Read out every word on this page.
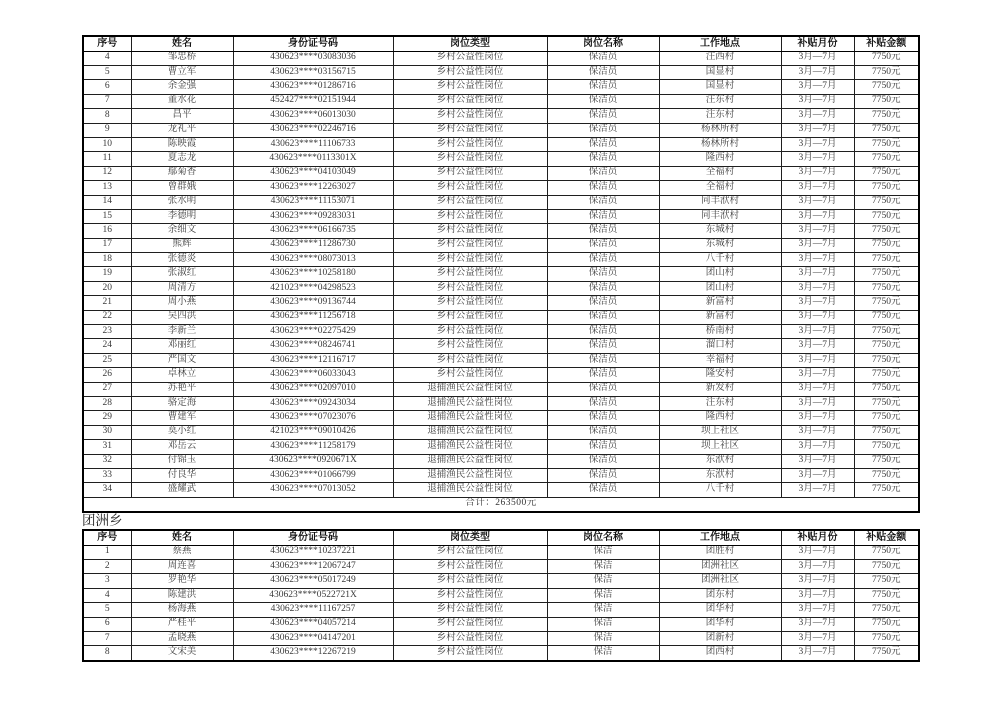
序号	姓名	身份证号码	岗位类型	岗位名称	工作地点	补贴月份	补贴金额
4	邹忠桥	430623****03083036	乡村公益性岗位	保洁员	注西村	3月—7月	7750元
5	曹立军	430623****03156715	乡村公益性岗位	保洁员	国显村	3月—7月	7750元
6	余金强	430623****01286716	乡村公益性岗位	保洁员	国显村	3月—7月	7750元
7	董水花	452427****02151944	乡村公益性岗位	保洁员	注东村	3月—7月	7750元
8	昌平	430623****06013030	乡村公益性岗位	保洁员	注东村	3月—7月	7750元
9	龙礼平	430623****02246716	乡村公益性岗位	保洁员	杨林所村	3月—7月	7750元
10	陈映霞	430623****11106733	乡村公益性岗位	保洁员	杨林所村	3月—7月	7750元
11	夏志龙	430623****0113301X	乡村公益性岗位	保洁员	隆西村	3月—7月	7750元
12	鄢菊香	430623****04103049	乡村公益性岗位	保洁员	全福村	3月—7月	7750元
13	曾群娥	430623****12263027	乡村公益性岗位	保洁员	全福村	3月—7月	7750元
14	张水明	430623****11153071	乡村公益性岗位	保洁员	同丰洑村	3月—7月	7750元
15	李德明	430623****09283031	乡村公益性岗位	保洁员	同丰洑村	3月—7月	7750元
16	余细文	430623****06166735	乡村公益性岗位	保洁员	东城村	3月—7月	7750元
17	熊辉	430623****11286730	乡村公益性岗位	保洁员	东城村	3月—7月	7750元
18	张德炎	430623****08073013	乡村公益性岗位	保洁员	八千村	3月—7月	7750元
19	张淑红	430623****10258180	乡村公益性岗位	保洁员	团山村	3月—7月	7750元
20	周清方	421023****04298523	乡村公益性岗位	保洁员	团山村	3月—7月	7750元
21	周小燕	430623****09136744	乡村公益性岗位	保洁员	新富村	3月—7月	7750元
22	吴四洪	430623****11256718	乡村公益性岗位	保洁员	新富村	3月—7月	7750元
23	李新兰	430623****02275429	乡村公益性岗位	保洁员	桥南村	3月—7月	7750元
24	邓丽红	430623****08246741	乡村公益性岗位	保洁员	溜口村	3月—7月	7750元
25	严国文	430623****12116717	乡村公益性岗位	保洁员	幸福村	3月—7月	7750元
26	卓林立	430623****06033043	乡村公益性岗位	保洁员	隆安村	3月—7月	7750元
27	苏艳平	430623****02097010	退捕渔民公益性岗位	保洁员	新发村	3月—7月	7750元
28	骆定海	430623****09243034	退捕渔民公益性岗位	保洁员	注东村	3月—7月	7750元
29	曹建军	430623****07023076	退捕渔民公益性岗位	保洁员	隆西村	3月—7月	7750元
30	莫小红	421023****09010426	退捕渔民公益性岗位	保洁员	坝上社区	3月—7月	7750元
31	邓岳云	430623****11258179	退捕渔民公益性岗位	保洁员	坝上社区	3月—7月	7750元
32	付锦玉	430623****0920671X	退捕渔民公益性岗位	保洁员	东洑村	3月—7月	7750元
33	付良华	430623****01066799	退捕渔民公益性岗位	保洁员	东洑村	3月—7月	7750元
34	盛耀武	430623****07013052	退捕渔民公益性岗位	保洁员	八千村	3月—7月	7750元
合计：263500元							
团洲乡
序号	姓名	身份证号码	岗位类型	岗位名称	工作地点	补贴月份	补贴金额
1	蔡燕	430623****10237221	乡村公益性岗位	保洁	团胜村	3月—7月	7750元
2	周连喜	430623****12067247	乡村公益性岗位	保洁	团洲社区	3月—7月	7750元
3	罗艳华	430623****05017249	乡村公益性岗位	保洁	团洲社区	3月—7月	7750元
4	陈建洪	430623****0522721X	乡村公益性岗位	保洁	团东村	3月—7月	7750元
5	杨海燕	430623****11167257	乡村公益性岗位	保洁	团华村	3月—7月	7750元
6	严桂平	430623****04057214	乡村公益性岗位	保洁	团华村	3月—7月	7750元
7	孟晓燕	430623****04147201	乡村公益性岗位	保洁	团新村	3月—7月	7750元
8	文宋美	430623****12267219	乡村公益性岗位	保洁	团西村	3月—7月	7750元
